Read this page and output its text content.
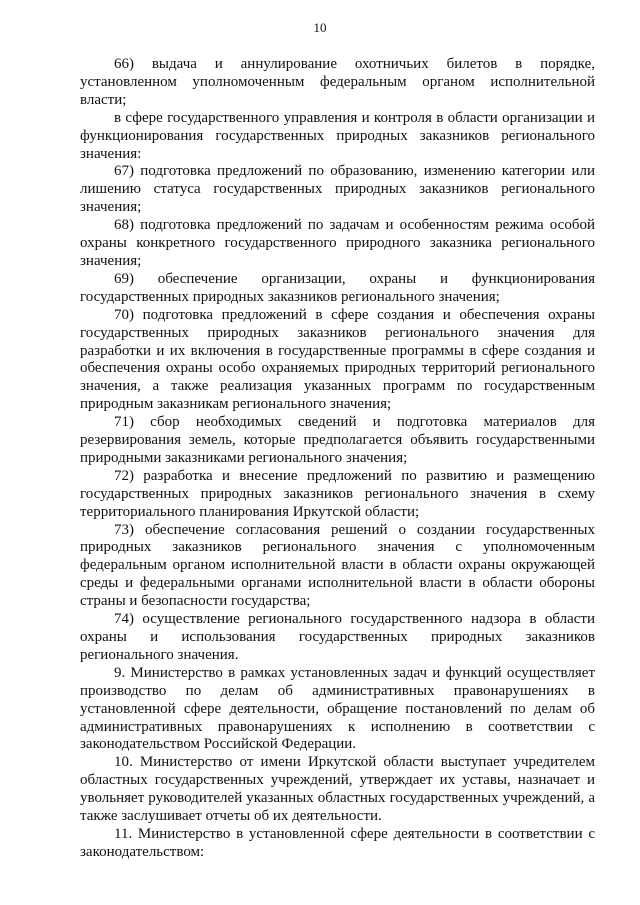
10

66) выдача и аннулирование охотничьих билетов в порядке, установленном уполномоченным федеральным органом исполнительной власти;

в сфере государственного управления и контроля в области организации и функционирования государственных природных заказников регионального значения:

67) подготовка предложений по образованию, изменению категории или лишению статуса государственных природных заказников регионального значения;

68) подготовка предложений по задачам и особенностям режима особой охраны конкретного государственного природного заказника регионального значения;

69) обеспечение организации, охраны и функционирования государственных природных заказников регионального значения;

70) подготовка предложений в сфере создания и обеспечения охраны государственных природных заказников регионального значения для разработки и их включения в государственные программы в сфере создания и обеспечения охраны особо охраняемых природных территорий регионального значения, а также реализация указанных программ по государственным природным заказникам регионального значения;

71) сбор необходимых сведений и подготовка материалов для резервирования земель, которые предполагается объявить государственными природными заказниками регионального значения;

72) разработка и внесение предложений по развитию и размещению государственных природных заказников регионального значения в схему территориального планирования Иркутской области;

73) обеспечение согласования решений о создании государственных природных заказников регионального значения с уполномоченным федеральным органом исполнительной власти в области охраны окружающей среды и федеральными органами исполнительной власти в области обороны страны и безопасности государства;

74) осуществление регионального государственного надзора в области охраны и использования государственных природных заказников регионального значения.

9. Министерство в рамках установленных задач и функций осуществляет производство по делам об административных правонарушениях в установленной сфере деятельности, обращение постановлений по делам об административных правонарушениях к исполнению в соответствии с законодательством Российской Федерации.

10. Министерство от имени Иркутской области выступает учредителем областных государственных учреждений, утверждает их уставы, назначает и увольняет руководителей указанных областных государственных учреждений, а также заслушивает отчеты об их деятельности.

11. Министерство в установленной сфере деятельности в соответствии с законодательством:
